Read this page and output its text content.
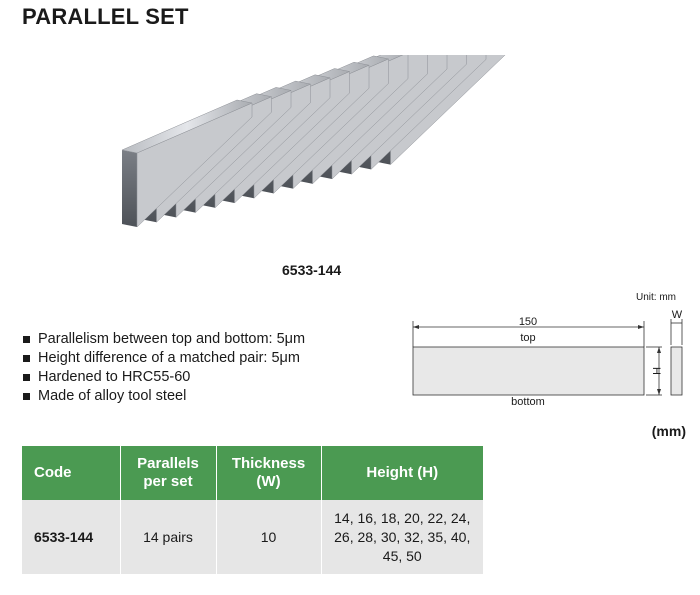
PARALLEL SET
6533-144
Unit: mm
Parallelism between top and bottom: 5μm
Height difference of a matched pair: 5μm
Hardened to HRC55-60
Made of alloy tool steel
150
top
H
W
bottom
(mm)
Code	Parallels per set	Thickness (W)	Height (H)
6533-144	14 pairs	10	14, 16, 18, 20, 22, 24, 26, 28, 30, 32, 35, 40, 45, 50
